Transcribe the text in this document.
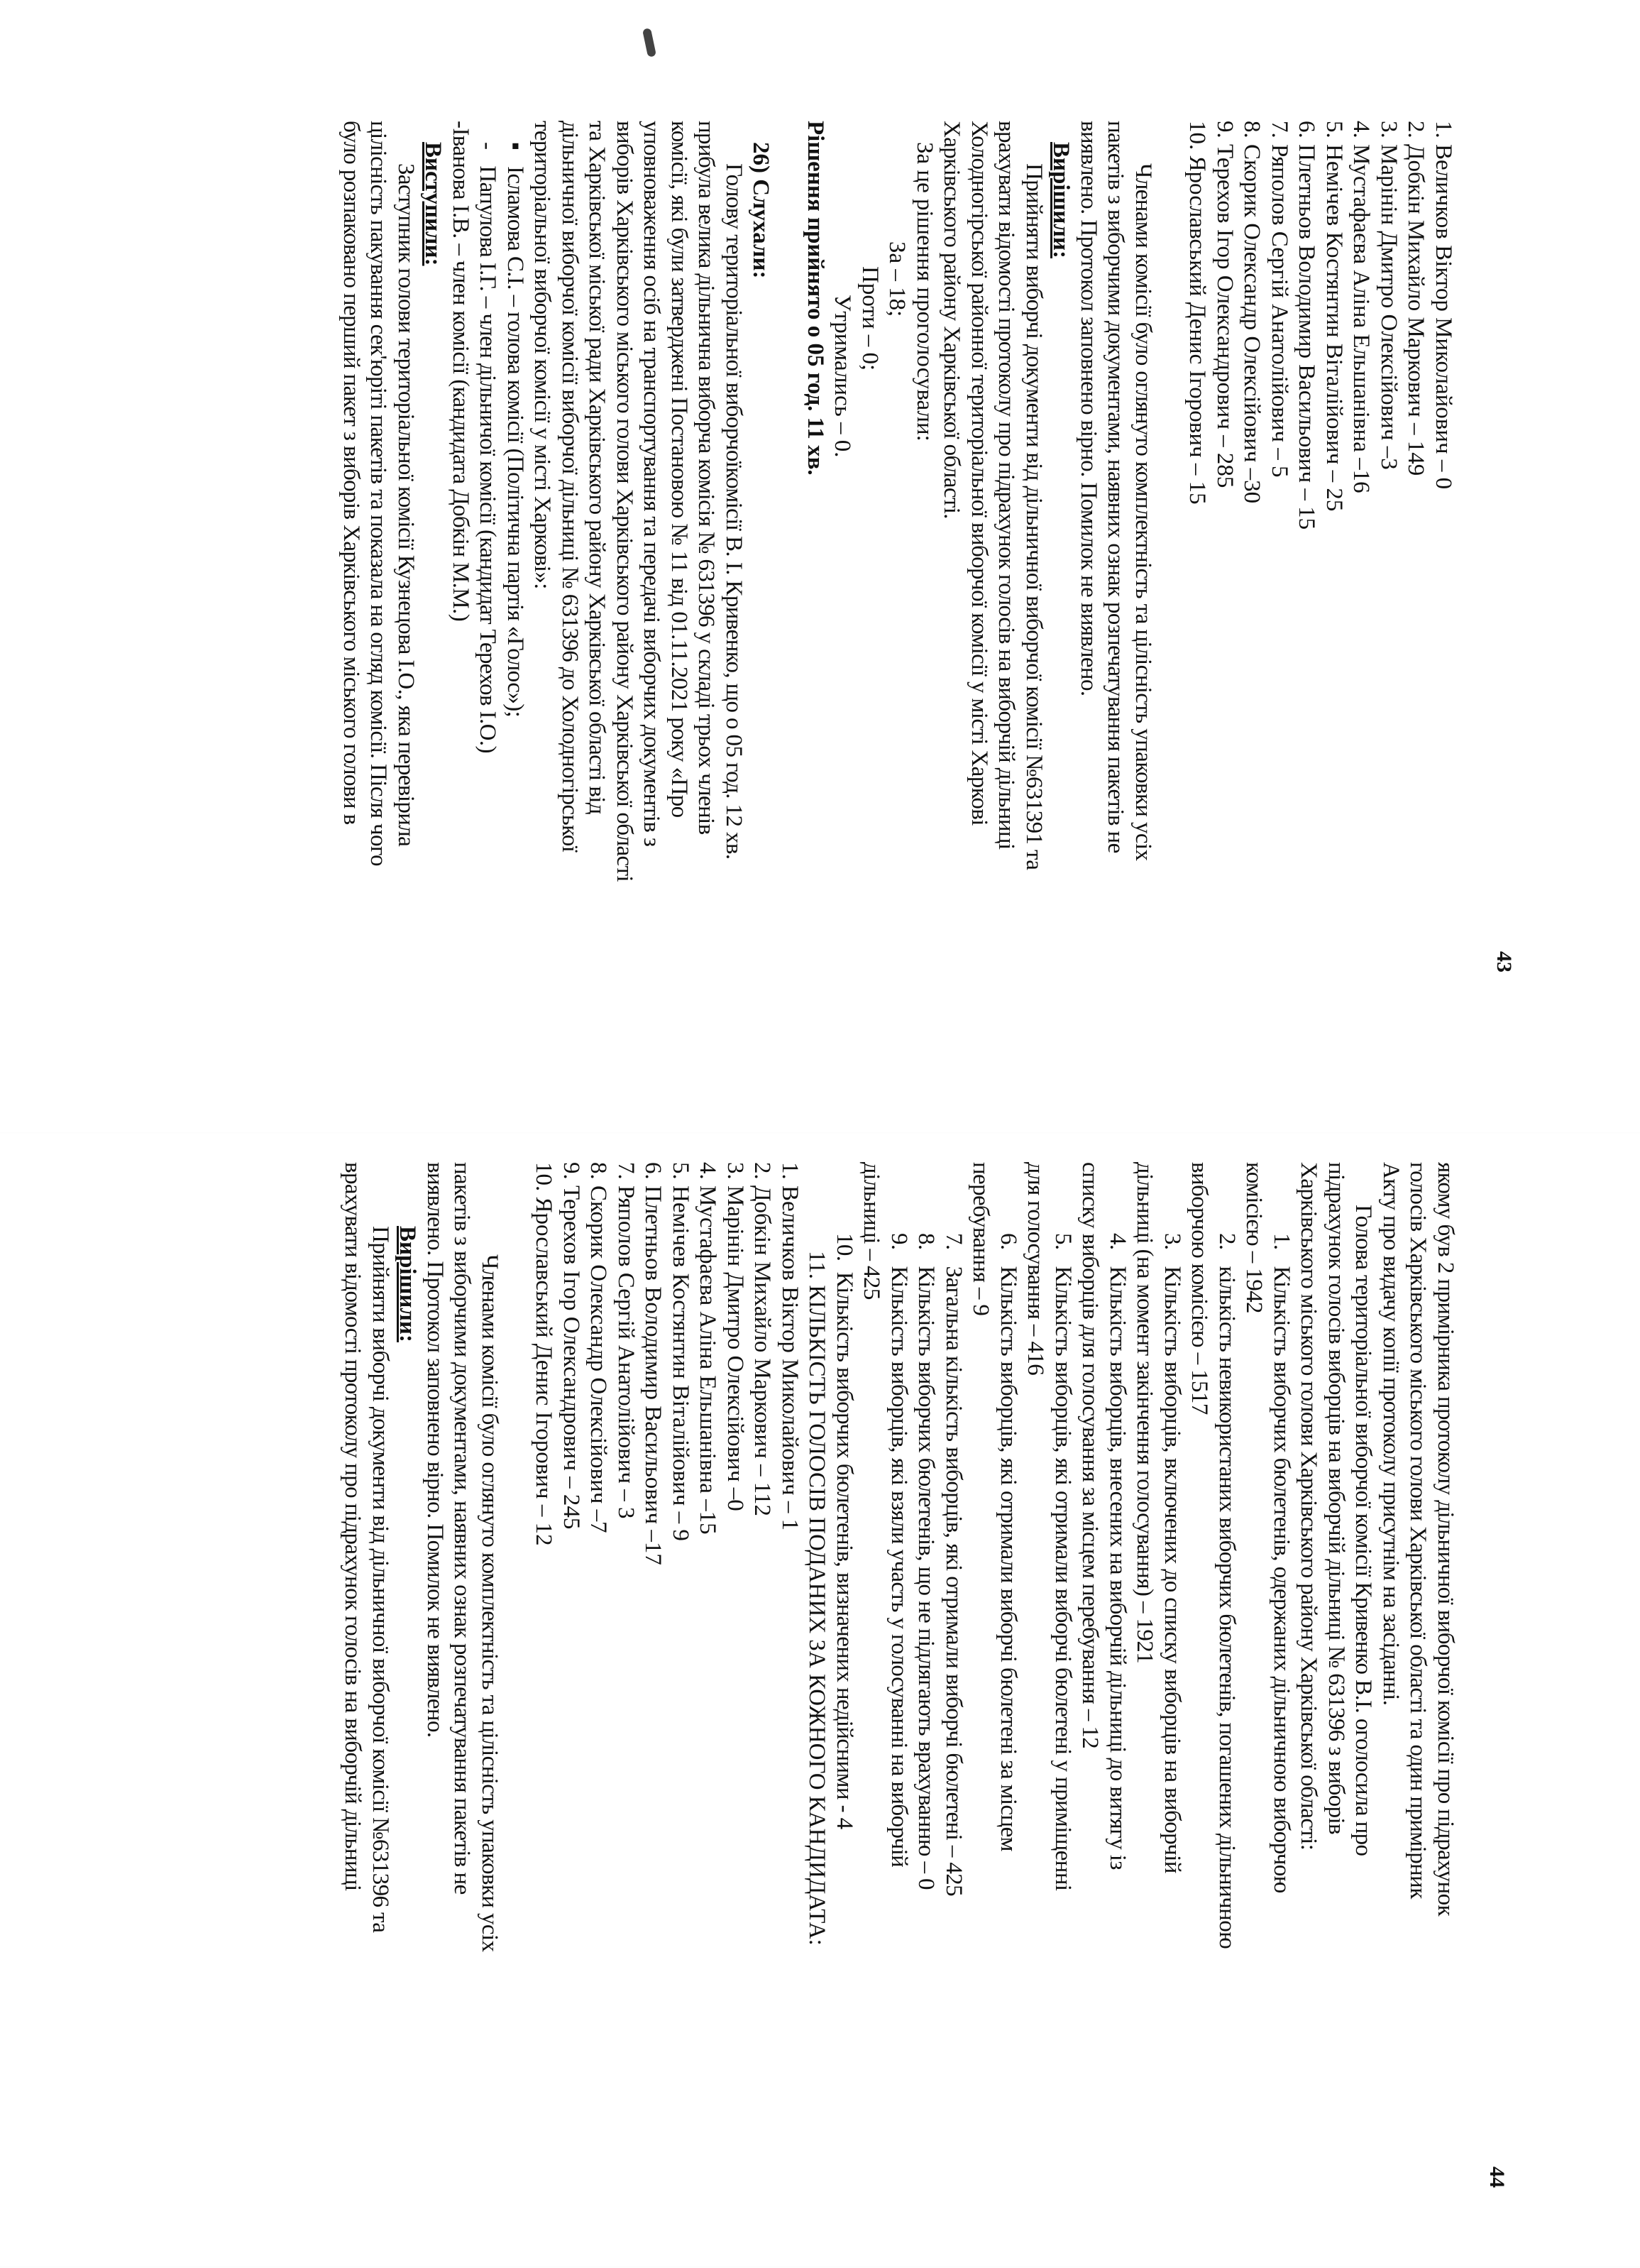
43
1. Величков Віктор Миколайович – 0
2. Добкін Михайло Маркович – 149
3. Марінін Дмитро Олексійович –3
4. Мустафаєва Аліна Ельшанівна –16
5. Немічев Костянтин Віталійович – 25
6. Плетньов Володимир Васильович – 15
7. Ряполов Сергій Анатолійович – 5
8. Скорик Олександр Олексійович –30
9. Терехов Ігор Олександрович – 285
10. Ярославський Денис Ігорович – 15
Членами комісії було оглянуто комплектність та цілісність упаковки усіх
пакетів з виборчими документами, наявних ознак розпечатування пакетів не
виявлено. Протокол заповнено вірно. Помилок не виявлено.
Вирішили:
Прийняти виборчі документи від дільничної виборчої комісії №631391 та
врахувати відомості протоколу про підрахунок голосів на виборчій дільниці
Холодногірської районної територіальної виборчої комісії у місті Харкові
Харківського району Харківської області.
За це рішення проголосували:
За – 18;
Проти – 0;
Утримались – 0.
Рішення прийнято о 05 год. 11 хв.
26) Слухали:
Голову територіальної виборчоїкомісії В. І. Кривенко, що о 05 год. 12 хв.
прибула велика дільнична виборча комісія № 631396 у складі трьох членів
комісії, які були затверджені Постановою № 11 від 01.11.2021 року «Про
уповноваження осіб на транспортування та передачі виборчих документів з
виборів Харківського міського голови Харківського району Харківської області
та Харківської міської ради Харківського району Харківської області від
дільничної виборчої комісії виборчої дільниці № 631396 до Холодногірської
територіальної виборчої комісії у місті Харкові»:
▪   Ісламова С.І. – голова комісії (Політична партія «Голос»);
-   Папулова І.Г. – член дільничої комісії (кандидат Терехов І.О.)
-Іванова І.В. – член комісії (кандидата Добкін М.М.)
Виступили:
Заступник голови територіальної комісії Кузнецова І.О., яка перевірила
цілісність пакування сек'юріті пакетів та показала на огляд комісії. Після чого
було розпаковано перший пакет з виборів Харківського міського голови в
44
якому був 2 примірника протоколу дільничної виборчої комісії про підрахунок
голосів Харківського міського голови Харківської області та один примірник
Акту про видачу копії протоколу присутнім на засіданні.
Голова територіальної виборчої комісії Кривенко В.І. оголосила про
підрахунок голосів виборців на виборчій дільниці № 631396 з виборів
Харківського міського голови Харківського району Харківської області:
1.   Кількість виборчих бюлетенів, одержаних дільничною виборчою
комісією – 1942
2.   кількість невикористаних виборчих бюлетенів, погашених дільничною
виборчою комісією – 1517
3.   Кількість виборців, включених до списку виборців на виборчій
дільниці (на момент закінчення голосування) – 1921
4.   Кількість виборців, внесених на виборчій дільниці до витягу із
списку виборців для голосування за місцем перебування – 12
5.   Кількість виборців, які отримали виборчі бюлетені у приміщенні
для голосування – 416
6.   Кількість виборців, які отримали виборчі бюлетені за місцем
перебування – 9
7.   Загальна кількість виборців, які отримали виборчі бюлетені – 425
8.   Кількість виборчих бюлетенів, що не підлягають врахуванню – 0
9.   Кількість виборців, які взяли участь у голосуванні на виборчій
дільниці – 425
10.  Кількість виборчих бюлетенів, визначених недійсними - 4
11. КІЛЬКІСТЬ ГОЛОСІВ ПОДАНИХ ЗА КОЖНОГО КАНДИДАТА:
1. Величков Віктор Миколайович – 1
2. Добкін Михайло Маркович – 112
3. Марінін Дмитро Олексійович –0
4. Мустафаєва Аліна Ельшанівна –15
5. Немічев Костянтин Віталійович – 9
6. Плетньов Володимир Васильович –17
7. Ряполов Сергій Анатолійович – 3
8. Скорик Олександр Олексійович –7
9. Терехов Ігор Олександрович – 245
10. Ярославський Денис Ігорович – 12
Членами комісії було оглянуто комплектність та цілісність упаковки усіх
пакетів з виборчими документами, наявних ознак розпечатування пакетів не
виявлено. Протокол заповнено вірно. Помилок не виявлено.
Вирішили:
Прийняти виборчі документи від дільничної виборчої комісії №631396 та
врахувати відомості протоколу про підрахунок голосів на виборчій дільниці
